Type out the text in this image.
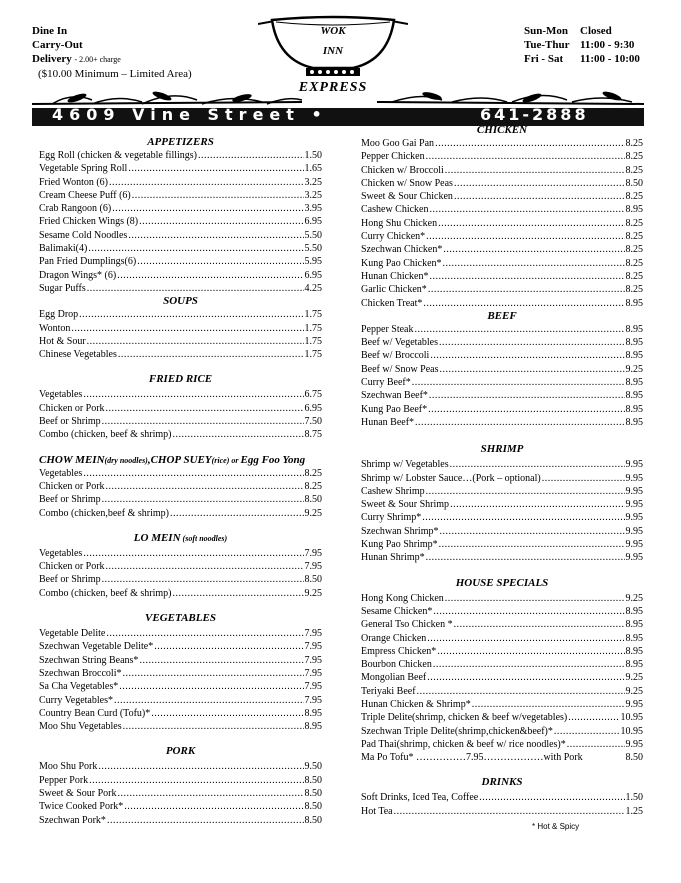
Dine In
Carry-Out
Delivery - 2.00+ charge
($10.00 Minimum – Limited Area)
Sun-Mon	Closed
Tue-Thur 11:00 - 9:30
Fri - Sat	11:00 - 10:00
WOK
INN
4609 Vine Street •	641-2888
EXPRESS
APPETIZERS
Egg Roll (chicken & vegetable fillings) .....	1.50
Vegetable Spring Roll .....	1.65
Fried Wonton (6) .....	3.25
Cream Cheese Puff (6) .....	3.25
Crab Rangoon (6) .....	3.95
Fried Chicken Wings (8) .....	6.95
Sesame Cold Noodles .....	5.50
Balimaki(4) .....	5.50
Pan Fried Dumplings(6) .....	5.95
Dragon Wings* (6) .....	6.95
Sugar Puffs .....	4.25
SOUPS
Egg Drop .....	1.75
Wonton .....	1.75
Hot & Sour .....	1.75
Chinese Vegetables .....	1.75
FRIED RICE
Vegetables .....	6.75
Chicken or Pork .....	6.95
Beef or Shrimp .....	7.50
Combo (chicken, beef & shrimp) .....	8.75
CHOW MEIN(dry noodles),CHOP SUEY(rice) or Egg Foo Yong
Vegetables .....	8.25
Chicken or Pork .....	8.25
Beef or Shrimp .....	8.50
Combo (chicken,beef & shrimp) .....	9.25
LO MEIN (soft noodles)
Vegetables .....	7.95
Chicken or Pork .....	7.95
Beef or Shrimp .....	8.50
Combo (chicken, beef & shrimp) .....	9.25
VEGETABLES
Vegetable Delite .....	7.95
Szechwan Vegetable Delite* .....	7.95
Szechwan String Beans* .....	7.95
Szechwan Broccoli* .....	7.95
Sa Cha Vegetables* .....	7.95
Curry Vegetables* .....	7.95
Country Bean Curd (Tofu)* .....	8.95
Moo Shu Vegetables .....	8.95
PORK
Moo Shu Pork .....	9.50
Pepper Pork .....	8.50
Sweet & Sour Pork .....	8.50
Twice Cooked Pork* .....	8.50
Szechwan Pork* .....	8.50
CHICKEN
Moo Goo Gai Pan .....	8.25
Pepper Chicken .....	8.25
Chicken w/ Broccoli .....	8.25
Chicken w/ Snow Peas .....	8.50
Sweet & Sour Chicken .....	8.25
Cashew Chicken .....	8.95
Hong Shu Chicken .....	8.25
Curry Chicken* .....	8.25
Szechwan Chicken* .....	8.25
Kung Pao Chicken* .....	8.25
Hunan Chicken* .....	8.25
Garlic Chicken* .....	8.25
Chicken Treat* .....	8.95
BEEF
Pepper Steak .....	8.95
Beef w/ Vegetables .....	8.95
Beef w/ Broccoli .....	8.95
Beef w/ Snow Peas .....	9.25
Curry Beef* .....	8.95
Szechwan Beef* .....	8.95
Kung Pao Beef* .....	8.95
Hunan Beef* .....	8.95
SHRIMP
Shrimp w/ Vegetables .....	9.95
Shrimp w/ Lobster Sauce…(Pork – optional) .....	9.95
Cashew Shrimp .....	9.95
Sweet & Sour Shrimp .....	9.95
Curry Shrimp* .....	9.95
Szechwan Shrimp* .....	9.95
Kung Pao Shrimp* .....	9.95
Hunan Shrimp* .....	9.95
HOUSE SPECIALS
Hong Kong Chicken .....	9.25
Sesame Chicken* .....	8.95
General Tso Chicken * .....	8.95
Orange Chicken .....	8.95
Empress Chicken* .....	8.95
Bourbon Chicken .....	8.95
Mongolian Beef .....	9.25
Teriyaki Beef .....	9.25
Hunan Chicken & Shrimp* .....	9.95
Triple Delite(shrimp, chicken & beef w/vegetables) .....	10.95
Szechwan Triple Delite(shrimp,chicken&beef)* .....	10.95
Pad Thai(shrimp, chicken & beef w/ rice noodles)* .....	9.95
Ma Po Tofu* ……………7.95………………with Pork	8.50
DRINKS
Soft Drinks, Iced Tea, Coffee .....	1.50
Hot Tea .....	1.25
* Hot & Spicy
